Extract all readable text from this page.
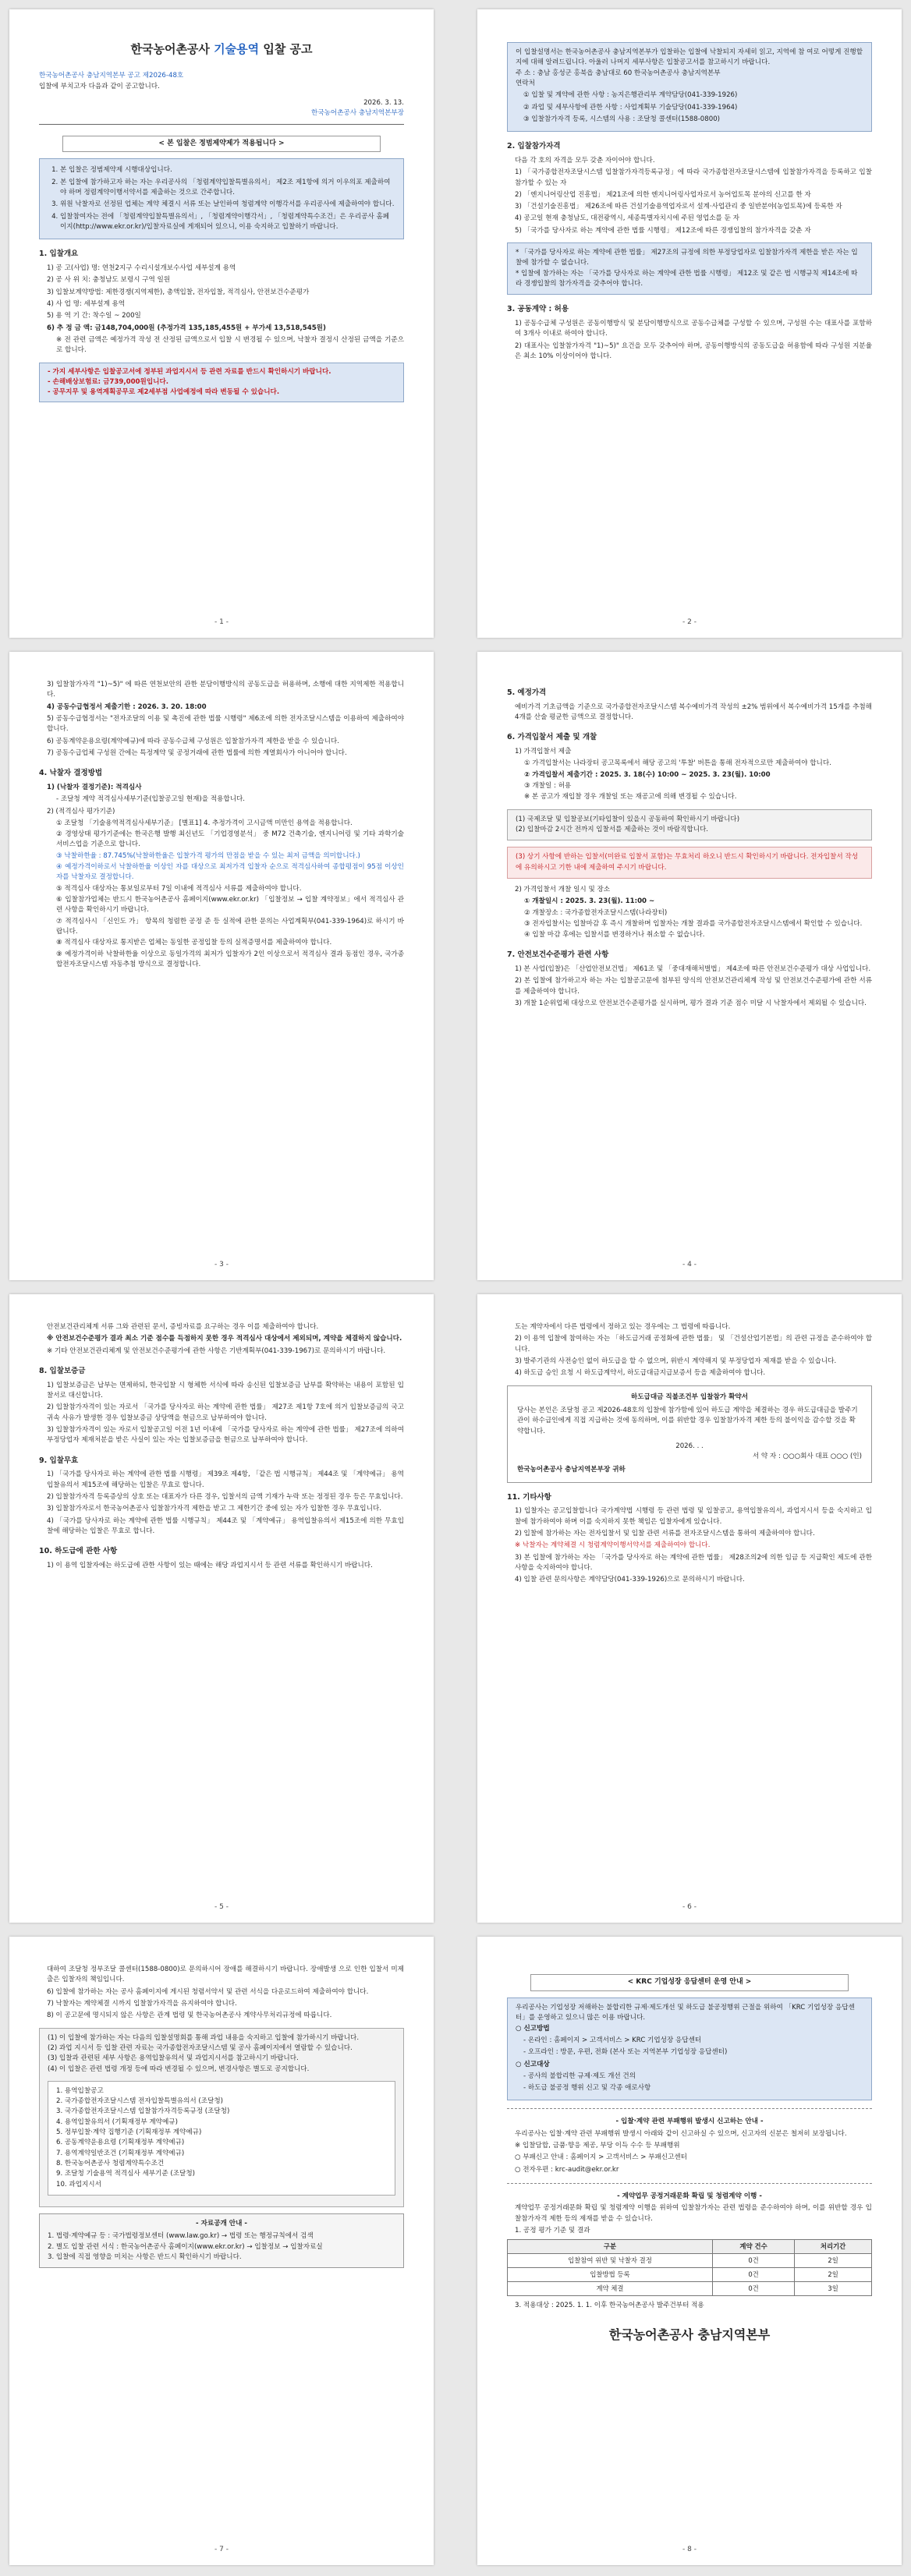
한국농어촌공사 기술용역 입찰 공고

한국농어촌공사 충남지역본부 공고 제2026-48호

입찰에 부치고자 다음과 같이 공고합니다.

2026. 3. 13.

한국농어촌공사 충남지역본부장

< 본 입찰은 정범제약제가 적용됩니다 >
1. 본 입찰은 정범제약제 시행대상입니다.
2. 본 입찰에 참가하고자 하는 자는 우리공사의 「청렴계약입찰특별유의서」 제2조 제1항에 의거 이우의포 제출하여야 하며 정렴계약이행서약서를 제출하는 것으로 간주합니다.
3. 위원 낙찰자로 선정된 업체는 계약 체결시 서류 또는 날인하여 청렴계약 이행각서를 우리공사에 제출하여야 합니다.
4. 입찰참여자는 전에 「청렴계약입찰특별유의서」, 「청렴계약이행각서」, 「청렴계약특수조건」은 우리공사 홈페이지(http://www.ekr.or.kr)/입찰자료실에 게재되어 있으니, 이용 숙지하고 입찰하기 바랍니다.
1. 입찰개요
1) 공 고(사업) 명: 연천2지구 수리시설개보수사업 세부설계 용역
2) 공 사 위 치: 충청남도 보령시 구역 일원
3) 입찰보계약방법: 제한경쟁(지역제한), 총액입찰, 전자입찰, 적격심사, 안전보건수준평가
4) 사 업 명: 세부설계 용역
5) 용 역 기 간: 착수일 ~ 200일
6) 추 정 금 액: 금148,704,000원 (추정가격 135,185,455원 + 부가세 13,518,545원)
※ 전 관련 금액은 예정가격 작성 전 산정된 금액으로서 입찰 시 변경될 수 있으며, 낙찰자 결정시 산정된 금액을 기준으로 합니다.
- 가지 세부사항은 입찰공고서에 정부된 과업지시서 등 관련 자료를 반드시 확인하시기 바랍니다.
- 손해배상보험료: 금739,000원입니다.
- 공무지무 및 용역계획공무로 제2세부점 사업예정에 따라 변동될 수 있습니다.
- 1 -
이 입찰설명서는 한국농어촌공사 충남지역본부가 입찰하는 입찰에 낙찰되지 자세히 읽고, 지역에 참 여로 어떻게 진행할지에 대해 알려드립니다. 아울러 나머지 세부사항은 입찰공고서를 참고하시기 바랍니다.
주 소 : 충남 홍성군 홍북읍 충남대로 60 한국농어촌공사 충남지역본부
연락처
① 입찰 및 계약에 관한 사항 : 농지은행관리부 계약담당(041-339-1926)
② 과업 및 세부사항에 관한 사항 : 사업계획부 기술담당(041-339-1964)
③ 입찰참가자격 등록, 시스템의 사용 : 조달청 콜센터(1588-0800)
2. 입찰참가자격
다음 각 호의 자격을 모두 갖춘 자이어야 합니다.
1) 「국가종합전자조달시스템 입찰참가자격등록규정」에 따라 국가종합전자조달시스템에 입찰참가자격을 등록하고 입찰 참가할 수 있는 자
2) 「엔지니어링산업 진흥법」 제21조에 의한 엔지니어링사업자로서 농어업토목 분야의 신고를 한 자
3) 「건설기술진흥법」 제26조에 따른 건설기술용역업자로서 설계·사업관리 중 일반분야(농업토목)에 등록한 자
4) 공고일 현재 충청남도, 대전광역시, 세종특별자치시에 주된 영업소를 둔 자
5) 「국가를 당사자로 하는 계약에 관한 법률 시행령」 제12조에 따른 경쟁입찰의 참가자격을 갖춘 자
* 「국가를 당사자로 하는 계약에 관한 법률」 제27조의 규정에 의한 부정당업자로 입찰참가자격 제한을 받은 자는 입찰에 참가할 수 없습니다.
* 입찰에 참가하는 자는 「국가를 당사자로 하는 계약에 관한 법률 시행령」 제12조 및 같은 법 시행규칙 제14조에 따라 경쟁입찰의 참가자격을 갖추어야 합니다.
3. 공동계약 : 허용
1) 공동수급체 구성원은 공동이행방식 및 분담이행방식으로 공동수급체를 구성할 수 있으며, 구성원 수는 대표사를 포함하여 3개사 이내로 하여야 합니다.
2) 대표사는 입찰참가자격 "1)~5)" 요건을 모두 갖추어야 하며, 공동이행방식의 공동도급을 허용함에 따라 구성원 지분율은 최소 10% 이상이어야 합니다.
- 2 -
3) 입찰참가자격 "1)~5)" 에 따른 연천보안의 관한 분담이행방식의 공동도급을 허용하며, 소행에 대한 지역제한 적용합니다.
4) 공동수급협정서 제출기한 : 2026. 3. 20. 18:00
5) 공동수급협정서는 "전자조달의 이용 및 촉진에 관한 법률 시행령" 제6조에 의한 전자조달시스템을 이용하여 제출하여야 합니다.
6) 공동계약운용요령(계약예규)에 따라 공동수급체 구성원은 입찰참가자격 제한을 받을 수 있습니다.
7) 공동수급업체 구성원 간에는 특정계약 및 공정거래에 관한 법률에 의한 계열회사가 아니어야 합니다.
4. 낙찰자 결정방법
1) (낙찰자 결정기준): 적격심사
- 조달청 계약 적격심사세부기준(입찰공고일 현재)을 적용합니다.
2) (적격심사 평가기준)
① 조달청 「기술용역적격심사세부기준」 [별표1] 4. 추정가격이 고시금액 미만인 용역을 적용합니다.
② 경영상태 평가기준에는 한국은행 발행 최신년도 「기업경영분석」 중 M72 건축기술, 엔지니어링 및 기타 과학기술 서비스업을 기준으로 합니다.
③ 낙찰하한율 : 87.745%(낙찰하한율은 입찰가격 평가의 만점을 받을 수 있는 최저 금액을 의미합니다.)
④ 예정가격이하로서 낙찰하한율 이상인 자를 대상으로 최저가격 입찰자 순으로 적격심사하여 종합평점이 95점 이상인 자를 낙찰자로 결정합니다.
⑤ 적격심사 대상자는 통보일로부터 7일 이내에 적격심사 서류를 제출하여야 합니다.
⑥ 입찰참가업체는 반드시 한국농어촌공사 홈페이지(www.ekr.or.kr) 「입찰정보 → 입찰 계약정보」에서 적격심사 관련 사항을 확인하시기 바랍니다.
⑦ 적격심사시 「신인도 가」 항목의 청렴한 공정 준 등 실적에 관한 문의는 사업계획부(041-339-1964)로 하시기 바랍니다.
⑧ 적격심사 대상자로 통지받은 업체는 동일한 공정입찰 등의 실적증명서를 제출하여야 합니다.
⑨ 예정가격이하 낙찰하한율 이상으로 동일가격의 최저가 입찰자가 2인 이상으로서 적격심사 결과 동점인 경우, 국가종합전자조달시스템 자동추첨 방식으로 결정합니다.
- 3 -
5. 예정가격
예비가격 기초금액을 기준으로 국가종합전자조달시스템 복수예비가격 작성의 ±2% 범위에서 복수예비가격 15개를 추첨해 4개를 산술 평균한 금액으로 결정합니다.
6. 가격입찰서 제출 및 개찰
1) 가격입찰서 제출
① 가격입찰서는 나라장터 공고목록에서 해당 공고의 '투찰' 버튼을 통해 전자적으로만 제출하여야 합니다.
② 가격입찰서 제출기간 : 2025. 3. 18(수) 10:00 ~ 2025. 3. 23(월). 10:00
③ 개찰일 : 허용
※ 본 공고가 재입찰 경우 개찰일 또는 재공고에 의해 변경될 수 있습니다.
(1) 국제조달 및 입찰공보(기타입찰이 있을시 공동하여 확인하시기 바랍니다)
(2) 입찰마감 2시간 전까지 입찰서를 제출하는 것이 바람직합니다.
(3) 상기 사항에 반하는 입찰서(미완료 입찰서 포함)는 무효처리 하오니 반드시 확인하시기 바랍니다. 전자입찰서 작성에 유의하시고 기한 내에 제출하여 주시기 바랍니다.
2) 가격입찰서 개찰 일시 및 장소
① 개찰일시 : 2025. 3. 23(월). 11:00 ~
② 개찰장소 : 국가종합전자조달시스템(나라장터)
③ 전자입찰서는 입찰마감 후 즉시 개찰하며 입찰자는 개찰 결과를 국가종합전자조달시스템에서 확인할 수 있습니다.
④ 입찰 마감 후에는 입찰서를 변경하거나 취소할 수 없습니다.
7. 안전보건수준평가 관련 사항
1) 본 사업(입찰)은 「산업안전보건법」 제61조 및 「중대재해처벌법」 제4조에 따른 안전보건수준평가 대상 사업입니다.
2) 본 입찰에 참가하고자 하는 자는 입찰공고문에 첨부된 양식의 안전보건관리체계 작성 및 안전보건수준평가에 관한 서류를 제출하여야 합니다.
3) 개찰 1순위업체 대상으로 안전보건수준평가를 실시하며, 평가 결과 기준 점수 미달 시 낙찰자에서 제외될 수 있습니다.
- 4 -
안전보건관리체계 서류 그와 관련된 문서, 증빙자료를 요구하는 경우 이를 제출하여야 합니다.
※ 안전보건수준평가 결과 최소 기준 점수를 득점하지 못한 경우 적격심사 대상에서 제외되며, 계약을 체결하지 않습니다.
※ 기타 안전보건관리체계 및 안전보건수준평가에 관한 사항은 기반계획부(041-339-1967)로 문의하시기 바랍니다.
8. 입찰보증금
1) 입찰보증금은 납부는 면제하되, 한국입찰 시 형체한 서식에 따라 송신된 입찰보증금 납부를 확약하는 내용이 포함된 입찰서로 대신합니다.
2) 입찰참가자격이 있는 자로서 「국가를 당사자로 하는 계약에 관한 법률」 제27조 제1항 7호에 의거 입찰보증금의 국고귀속 사유가 발생한 경우 입찰보증금 상당액을 현금으로 납부하여야 합니다.
3) 입찰참가자격이 있는 자로서 입찰공고일 이전 1년 이내에 「국가를 당사자로 하는 계약에 관한 법률」 제27조에 의하여 부정당업자 제재처분을 받은 사실이 있는 자는 입찰보증금을 현금으로 납부하여야 합니다.
9. 입찰무효
1) 「국가를 당사자로 하는 계약에 관한 법률 시행령」 제39조 제4항, 「같은 법 시행규칙」 제44조 및 「계약예규」 용역입찰유의서 제15조에 해당하는 입찰은 무효로 합니다.
2) 입찰참가자격 등록증상의 상호 또는 대표자가 다른 경우, 입찰서의 금액 기재가 누락 또는 정정된 경우 등은 무효입니다.
3) 입찰참가자로서 한국농어촌공사 입찰참가자격 제한을 받고 그 제한기간 중에 있는 자가 입찰한 경우 무효입니다.
4) 「국가를 당사자로 하는 계약에 관한 법률 시행규칙」 제44조 및 「계약예규」 용역입찰유의서 제15조에 의한 무효입찰에 해당하는 입찰은 무효로 합니다.
10. 하도급에 관한 사항
1) 이 용역 입찰자에는 하도급에 관한 사항이 있는 때에는 해당 과업지시서 등 관련 서류를 확인하시기 바랍니다.
- 5 -
도는 계약자에서 다른 법령에서 정하고 있는 경우에는 그 법령에 따릅니다.
2) 이 용역 입찰에 참여하는 자는 「하도급거래 공정화에 관한 법률」 및 「건설산업기본법」의 관련 규정을 준수하여야 합니다.
3) 발주기관의 사전승인 없이 하도급을 할 수 없으며, 위반시 계약해지 및 부정당업자 제재를 받을 수 있습니다.
4) 하도급 승인 요청 시 하도급계약서, 하도급대금지급보증서 등을 제출하여야 합니다.
하도급대금 직불조건부 입찰참가 확약서
당사는 본인은 조달청 공고 제2026-48호의 입찰에 참가함에 있어 하도급 계약을 체결하는 경우 하도급대금을 발주기관이 하수급인에게 직접 지급하는 것에 동의하며, 이를 위반할 경우 입찰참가자격 제한 등의 불이익을 감수할 것을 확약합니다.
2026. . .
서 약 자 : ○○○회사 대표 ○○○ (인)
한국농어촌공사 충남지역본부장 귀하
11. 기타사항
1) 입찰자는 공고입찰합니다 국가계약법 시행령 등 관련 법령 및 입찰공고, 용역입찰유의서, 과업지시서 등을 숙지하고 입찰에 참가하여야 하며 이를 숙지하지 못한 책임은 입찰자에게 있습니다.
2) 입찰에 참가하는 자는 전자입찰서 및 입찰 관련 서류를 전자조달시스템을 통하여 제출하여야 합니다.
※ 낙찰자는 계약체결 시 청렴계약이행서약서를 제출하여야 합니다.
3) 본 입찰에 참가하는 자는 「국가를 당사자로 하는 계약에 관한 법률」 제28조의2에 의한 임금 등 지급확인 제도에 관한 사항을 숙지하여야 합니다.
4) 입찰 관련 문의사항은 계약담당(041-339-1926)으로 문의하시기 바랍니다.
- 6 -
대하여 조달청 정부조달 콜센터(1588-0800)로 문의하시어 장애를 해결하시기 바랍니다. 장애발생 으로 인한 입찰서 미제출은 입찰자의 책임입니다.
6) 입찰에 참가하는 자는 공사 홈페이지에 게시된 청렴서약서 및 관련 서식을 다운로드하여 제출하여야 합니다.
7) 낙찰자는 계약체결 시까지 입찰참가자격을 유지하여야 합니다.
8) 이 공고문에 명시되지 않은 사항은 관계 법령 및 한국농어촌공사 계약사무처리규정에 따릅니다.
(1) 이 입찰에 참가하는 자는 다음의 입찰설명회를 통해 과업 내용을 숙지하고 입찰에 참가하시기 바랍니다.
(2) 과업 지시서 등 입찰 관련 자료는 국가종합전자조달시스템 및 공사 홈페이지에서 열람할 수 있습니다.
(3) 입찰과 관련된 세부 사항은 용역입찰유의서 및 과업지시서를 참고하시기 바랍니다.
(4) 이 입찰은 관련 법령 개정 등에 따라 변경될 수 있으며, 변경사항은 별도로 공지합니다.
1. 용역입찰공고
2. 국가종합전자조달시스템 전자입찰특별유의서 (조달청)
3. 국가종합전자조달시스템 입찰참가자격등록규정 (조달청)
4. 용역입찰유의서 (기획재정부 계약예규)
5. 정부입찰·계약 집행기준 (기획재정부 계약예규)
6. 공동계약운용요령 (기획재정부 계약예규)
7. 용역계약일반조건 (기획재정부 계약예규)
8. 한국농어촌공사 청렴계약특수조건
9. 조달청 기술용역 적격심사 세부기준 (조달청)
10. 과업지시서
- 자료공개 안내 -
1. 법령·계약예규 등 : 국가법령정보센터 (www.law.go.kr) → 법령 또는 행정규칙에서 검색
2. 별도 입찰 관련 서식 : 한국농어촌공사 홈페이지(www.ekr.or.kr) → 입찰정보 → 입찰자료실
3. 입찰에 직접 영향을 미치는 사항은 반드시 확인하시기 바랍니다.
- 7 -
< KRC 기업성장 응답센터 운영 안내 >
우리공사는 기업성장 저해하는 불합리한 규제·제도개선 및 하도급 불공정행위 근절을 위하여 「KRC 기업성장 응답센터」를 운영하고 있으니 많은 이용 바랍니다.
○ 신고방법
- 온라인 : 홈페이지 > 고객서비스 > KRC 기업성장 응답센터
- 오프라인 : 방문, 우편, 전화 (본사 또는 지역본부 기업성장 응답센터)
○ 신고대상
- 공사의 불합리한 규제·제도 개선 건의
- 하도급 불공정 행위 신고 및 각종 애로사항
- 입찰·계약 관련 부패행위 발생시 신고하는 안내 -
우리공사는 입찰·계약 관련 부패행위 발생시 아래와 같이 신고하실 수 있으며, 신고자의 신분은 철저히 보장됩니다.
※ 입찰담합, 금품·향응 제공, 부당 이득 수수 등 부패행위
○ 부패신고 안내 : 홈페이지 > 고객서비스 > 부패신고센터
○ 전자우편 : krc-audit@ekr.or.kr
- 계약업무 공정거래문화 확립 및 청렴계약 이행 -
계약업무 공정거래문화 확립 및 청렴계약 이행을 위하여 입찰참가자는 관련 법령을 준수하여야 하며, 이를 위반할 경우 입찰참가자격 제한 등의 제재를 받을 수 있습니다.
1. 공정 평가 기준 및 결과
구분	계약 건수	처리기간
입찰참여 위반 및 낙찰자 결정	0건	2일
입찰방법 등록	0건	2일
계약 체결	0건	3일
3. 적용대상 : 2025. 1. 1. 이후 한국농어촌공사 발주건부터 적용
한국농어촌공사 충남지역본부
- 8 -
